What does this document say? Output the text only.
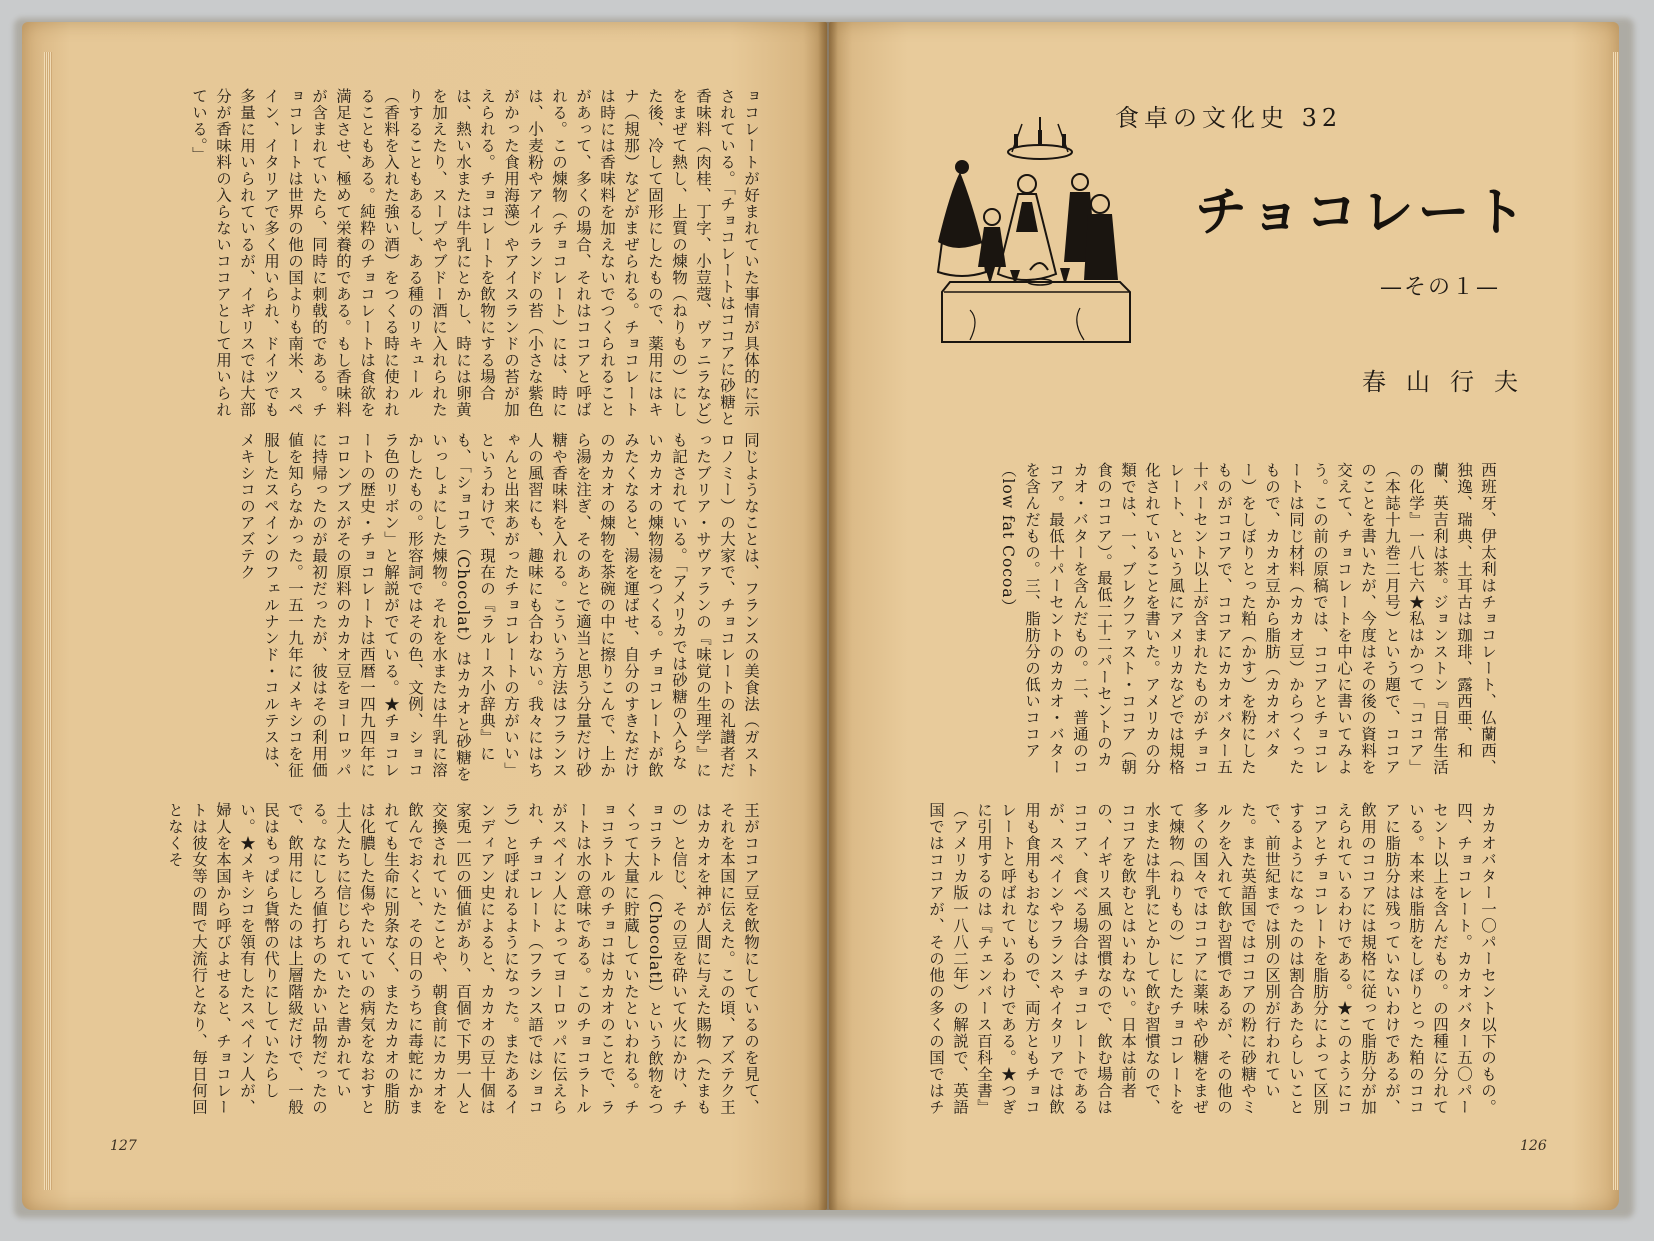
ョコレートが好まれていた事情が具体的に示されている。「チョコレートはココアに砂糖と香味料（肉桂、丁字、小荳蔻、ヴァニラなど）をまぜて熱し、上質の煉物（ねりもの）にした後、冷して固形にしたもので、薬用にはキナ（規那）などがまぜられる。チョコレートは時には香味料を加えないでつくられることがあって、多くの場合、それはココアと呼ばれる。この煉物（チョコレート）には、時には、小麦粉やアイルランドの苔（小さな紫色がかった食用海藻）やアイスランドの苔が加えられる。チョコレートを飲物にする場合は、熱い水または牛乳にとかし、時には卵黄を加えたり、スープやブドー酒に入れられたりすることもあるし、ある種のリキュール（香料を入れた強い酒）をつくる時に使われることもある。純粋のチョコレートは食欲を満足させ、極めて栄養的である。もし香味料が含まれていたら、同時に刺戟的である。チョコレートは世界の他の国よりも南米、スペイン、イタリアで多く用いられ、ドイツでも多量に用いられているが、イギリスでは大部分が香味料の入らないココアとして用いられている。」

同じようなことは、フランスの美食法（ガストロノミー）の大家で、チョコレートの礼讃者だったブリア・サヴァランの『味覚の生理学』にも記されている。「アメリカでは砂糖の入らないカカオの煉物湯をつくる。チョコレートが飲みたくなると、湯を運ばせ、自分のすきなだけのカカオの煉物を茶碗の中に擦りこんで、上から湯を注ぎ、そのあとで適当と思う分量だけ砂糖や香味料を入れる。こういう方法はフランス人の風習にも、趣味にも合わない。我々にはちゃんと出来あがったチョコレートの方がいい」というわけで、現在の『ラルース小辞典』にも、「ショコラ（Chocolat）はカカオと砂糖をいっしょにした煉物。それを水または牛乳に溶かしたもの。形容詞ではその色、文例、ショコラ色のリボン」と解説がでている。★チョコレートの歴史・チョコレートは西暦一四九四年にコロンブスがその原料のカカオ豆をヨーロッパに持帰ったのが最初だったが、彼はその利用価値を知らなかった。一五一九年にメキシコを征服したスペインのフェルナンド・コルテスは、メキシコのアズテク

王がココア豆を飲物にしているのを見て、それを本国に伝えた。この頃、アズテク王はカカオを神が人間に与えた賜物（たまもの）と信じ、その豆を砕いて火にかけ、チョコラトル（Chocolatl）という飲物をつくって大量に貯蔵していたといわれる。チョコラトルのチョコはカカオのことで、ラートは水の意味である。このチョコラトルがスペイン人によってヨーロッパに伝えられ、チョコレート（フランス語ではショコラ）と呼ばれるようになった。またあるインディアン史によると、カカオの豆十個は家兎一匹の価値があり、百個で下男一人と交換されていたことや、朝食前にカカオを飲んでおくと、その日のうちに毒蛇にかまれても生命に別条なく、またカカオの脂肪は化膿した傷やたいていの病気をなおすと土人たちに信じられていたと書かれている。なにしろ値打ちのたかい品物だったので、飲用にしたのは上層階級だけで、一般民はもっぱら貨幣の代りにしていたらしい。★メキシコを領有したスペイン人が、婦人を本国から呼びよせると、チョコレートは彼女等の間で大流行となり、毎日何回となくそ

127
食卓の文化史 32
チョコレート
—その１—
春山行夫

西班牙、伊太利はチョコレート、仏蘭西、独逸、瑞典、土耳古は珈琲、露西亜、和蘭、英吉利は茶。ジョンストン『日常生活の化学』一八七六★私はかつて「ココア」（本誌十九巻二月号）という題で、ココアのことを書いたが、今度はその後の資料を交えて、チョコレートを中心に書いてみよう。この前の原稿では、ココアとチョコレートは同じ材料（カカオ豆）からつくったもので、カカオ豆から脂肪（カカオバター）をしぼりとった粕（かす）を粉にしたものがココアで、ココアにカカオバター五十パーセント以上が含まれたものがチョコレート、という風にアメリカなどでは規格化されていることを書いた。アメリカの分類では、一、ブレクファスト・ココア（朝食のココア）。最低二十二パーセントのカカオ・バターを含んだもの。二、普通のココア。最低十パーセントのカカオ・バターを含んだもの。三、脂肪分の低いココア（low fat Cocoa）

カカオバター一〇パーセント以下のもの。四、チョコレート。カカオバター五〇パーセント以上を含んだもの。の四種に分れている。本来は脂肪をしぼりとった粕のココアに脂肪分は残っていないわけであるが、飲用のココアには規格に従って脂肪分が加えられているわけである。★このようにココアとチョコレートを脂肪分によって区別するようになったのは割合あたらしいことで、前世紀までは別の区別が行われていた。また英語国ではココアの粉に砂糖やミルクを入れて飲む習慣であるが、その他の多くの国々ではココアに薬味や砂糖をまぜて煉物（ねりもの）にしたチョコレートを水または牛乳にとかして飲む習慣なので、ココアを飲むとはいわない。日本は前者の、イギリス風の習慣なので、飲む場合はココア、食べる場合はチョコレートであるが、スペインやフランスやイタリアでは飲用も食用もおなじもので、両方ともチョコレートと呼ばれているわけである。★つぎに引用するのは『チェンバース百科全書』（アメリカ版一八八二年）の解説で、英語国ではココアが、その他の多くの国ではチ

126
